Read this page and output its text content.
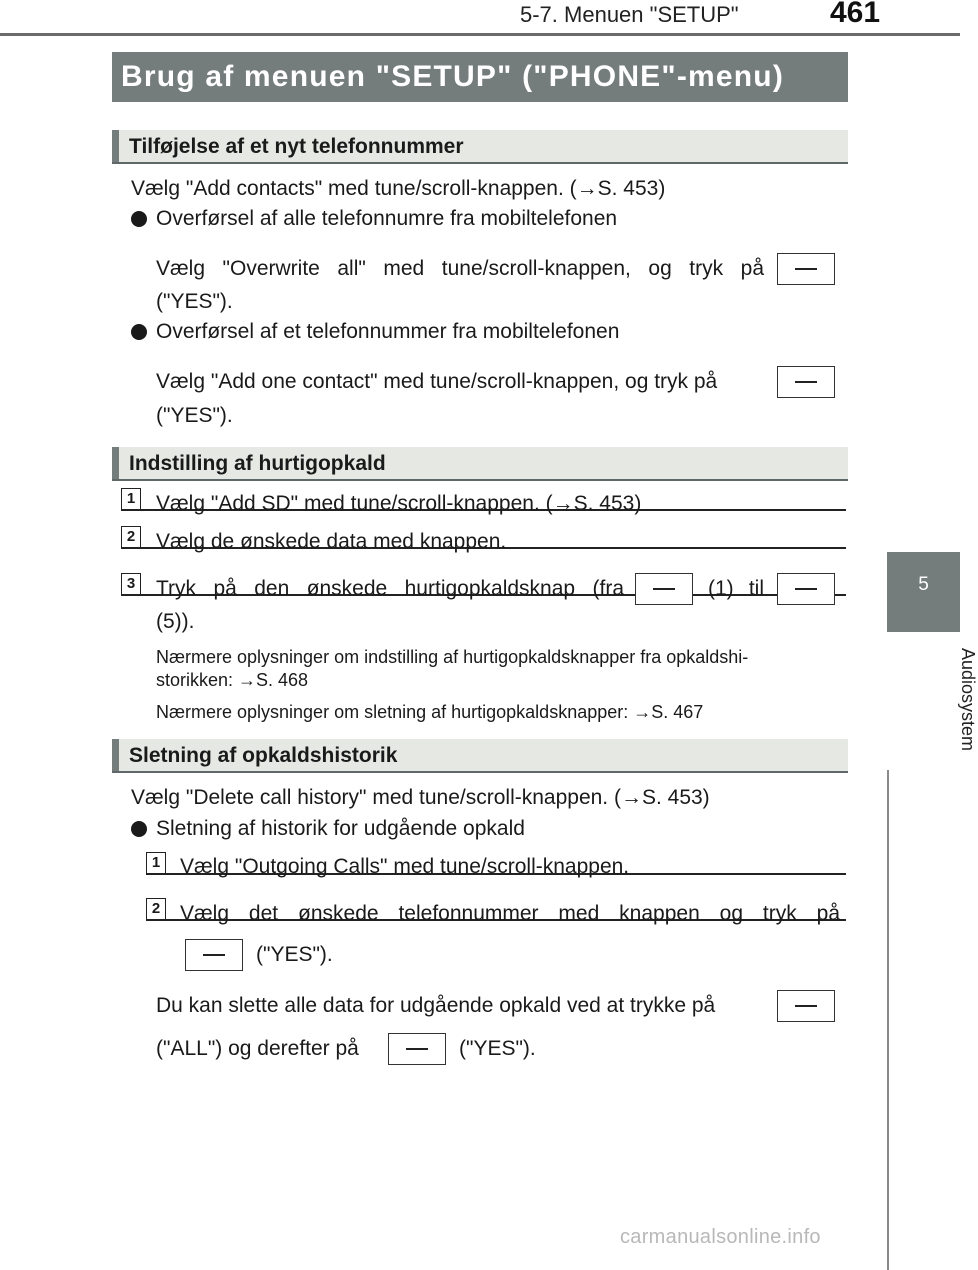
5-7. Menuen "SETUP"	461
5
Audiosystem
Brug af menuen "SETUP" ("PHONE"-menu)
Tilføjelse af et nyt telefonnummer
Vælg "Add contacts" med tune/scroll-knappen. (→S. 453)
Overførsel af alle telefonnumre fra mobiltelefonen
Vælg "Overwrite all" med tune/scroll-knappen, og tryk på
("YES").
Overførsel af et telefonnummer fra mobiltelefonen
Vælg "Add one contact" med tune/scroll-knappen, og tryk på
("YES").
Indstilling af hurtigopkald
1 Vælg "Add SD" med tune/scroll-knappen. (→S. 453)
2 Vælg de ønskede data med knappen.
3 Tryk på den ønskede hurtigopkaldsknap (fra	(1) til
(5)).
Nærmere oplysninger om indstilling af hurtigopkaldsknapper fra opkaldshi-
storikken: →S. 468
Nærmere oplysninger om sletning af hurtigopkaldsknapper: →S. 467
Sletning af opkaldshistorik
Vælg "Delete call history" med tune/scroll-knappen. (→S. 453)
Sletning af historik for udgående opkald
1 Vælg "Outgoing Calls" med tune/scroll-knappen.
2 Vælg det ønskede telefonnummer med knappen og tryk på
("YES").
Du kan slette alle data for udgående opkald ved at trykke på
("ALL") og derefter på	("YES").
carmanualsonline.info
